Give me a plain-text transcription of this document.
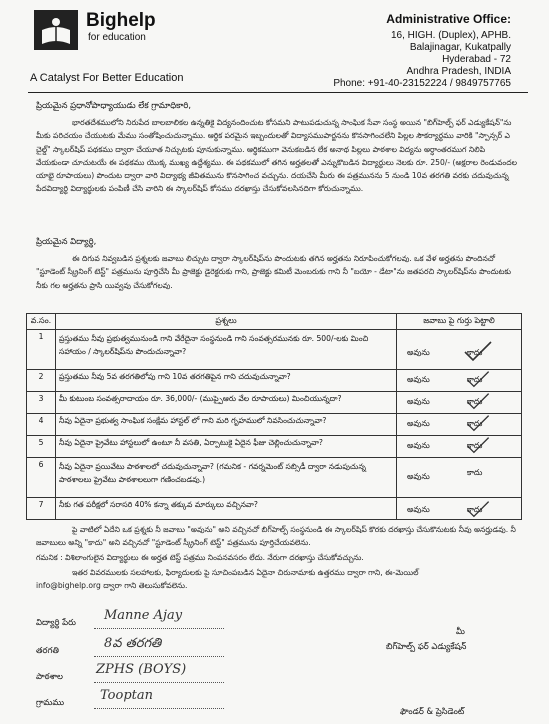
Bighelp
for education
A Catalyst For Better Education
Administrative Office:
16, HIGH. (Duplex), APHB.
Balajinagar, Kukatpally
Hyderabad - 72
Andhra Pradesh, INDIA
Phone: +91-40-23152224 / 9849757765
ప్రియమైన ప్రధానోపాధ్యాయుడు లేక గ్రామాధికారి,
భారతదేశములోని నిరుపేద బాలబాలికల ఉన్నతికై విద్యనందించుట కోసమని పాటుపడుచున్న సాంఘిక సేవా సంస్థ అయిన "బిగ్‌హెల్ప్ ఫర్ ఎడ్యుకేషన్"ను మీకు పరిచయం చేయుటకు మేము సంతోషించుచున్నాము. ఆర్థిక పరమైన ఇబ్బందులతో విద్యాసముపార్జనను కొనసాగించలేని పిల్లల సౌకర్యార్థము వారికి "స్పాన్సర్ ఎ చైల్డ్" స్కాలర్‌షిప్ పథకము ద్వారా చేయూత నిచ్చుటకు పూనుకున్నాము. ఆర్థికముగా వెనుకబడిన లేక అనాథ పిల్లలు పాఠశాల విద్యను అర్ధాంతరముగ నిలిపి వేయకుండా చూచుటయే ఈ పథకము యొక్క ముఖ్య ఉద్దేశ్యము. ఈ పథకములో తగిన అర్హతలతో ఎన్నుకొబడిన విద్యార్థులు నెలకు రూ. 250/- (అక్షరాల రెండువందల యాభై రూపాయలు) పొందుట ద్వారా వారి విద్యాభ్య జీవితమును కొనసాగించ వచ్చును. దయచేసి మీరు ఈ పత్రమునను 5 నుండి 10వ తరగతి వరకు చదువుచున్న పేదవిద్యార్థి విద్యార్థులకు పంపిణీ చేసి వారిని ఈ స్కాలర్‌షిప్ కోసము దరఖాస్తు చేసుకోవలసినదిగా కోరుచున్నాము.
ప్రియమైన విద్యార్థి,
ఈ దిగువ నివ్వబడిన ప్రశ్నలకు జవాబు లిచ్చుట ద్వారా స్కాలర్‌షిప్‌ను పొందుటకు తగిన అర్హతను నిరూపించుకోగలవు. ఒక వేళ అర్హతను పొందినచో "స్టూడెంట్ స్క్రీనింగ్ టెస్ట్" పత్రమును పూర్తిచేసి మీ ప్రాజెక్టు డైరెక్టరుకు గాని, ప్రాజెక్టు కమిటీ మెంబరుకు గాని నీ "బయో - డేటా"ను జతపరచి స్కాలర్‌షిప్‌ను పొందుటకు నీకు గల అర్హతను ప్రాసి యివ్వవు చేసుకోగలవు.
వ.సం.	ప్రశ్నలు	జవాబు పై గుర్తు పెట్టాలి
1	ప్రస్తుతము నీవు ప్రభుత్వమునుండి గాని వేరేదైనా సంస్థనుండి గాని సంవత్సరమునకు రూ. 500/-లకు మించి సహాయం / స్కాలర్‌షిప్‌ను పొందుచున్నావా?	అవును కాదు

2	ప్రస్తుతము నీవు 5వ తరగతిలోపు గాని 10వ తరగతిపైన గాని చదువుచున్నావా?	అవును కాదు

3	మీ కుటుంబ సంవత్సరాదాయం రూ. 36,000/- (ముప్పైఆరు వేల రూపాయలు) మించియున్నదా?	అవును కాదు

4	నీవు ఏదైనా ప్రభుత్వ సాంఘిక సంక్షేమ హాస్టల్ లో గాని మరి గృహములో నివసించుచున్నావా?	అవును కాదు

5	నీవు ఏదైనా ప్రైవేటు హాస్టలులో ఉంటూ నీ వసతి, ఏర్పాటుకై ఏదైన ఫీజు చెల్లించుచున్నావా?	అవును కాదు

6	నీవు ఏదైనా ప్రయివేటు పాఠశాలలో చదువుచున్నావా? (గమనిక - గవర్నమెంట్ సబ్సిడీ ద్వారా నడుపుచున్న పాఠశాలలు ప్రైవేటు పాఠశాలలుగా గణించబడవు.)	అవును కాదు

7	నీకు గత పరీక్షలో సరాసరి 40% కన్నా తక్కువ మార్కులు వచ్చినవా?	అవును కాదు
పై వాటిలో ఏదేని ఒక ప్రశ్నకు నీ జవాబు "అవును" అని వచ్చినచో బిగ్‌హెల్ప్ సంస్థనుండి ఈ స్కాలర్‌షిప్ కొరకు దరఖాస్తు చేసుకొనుటకు నీవు అనర్హుడవు. నీ జవాబులు అన్ని "కాదు" అని వచ్చినచో "స్టూడెంట్ స్క్రీనింగ్ టెస్ట్" పత్రమును పూర్తిచేయవలెను.
గమనిక : విశిలాంగులైన విద్యార్థులు ఈ అర్హత టెస్ట్ పత్రము నింపనవసరం లేదు. నేరుగా దరఖాస్తు చేసుకోవచ్చును.
ఇతర వివరములకు సలహాలకు, ఫిర్యాదులకు పై సూచింపబడిన ఏదైనా చిరునామాకు ఉత్తరము ద్వారా గాని, ఈ-మెయిల్
info@bighelp.org ద్వారా గాని తెలుసుకోవలెను.
విద్యార్థి పేరు Manne Ajay
తరగతి	8వ తరగతి
పాఠశాల	ZPHS (BOYS)
గ్రామము	Tooptan
మీ
బిగ్‌హెల్ప్ ఫర్ ఎడ్యుకేషన్
ఫౌండర్ & ప్రెసిడెంట్
